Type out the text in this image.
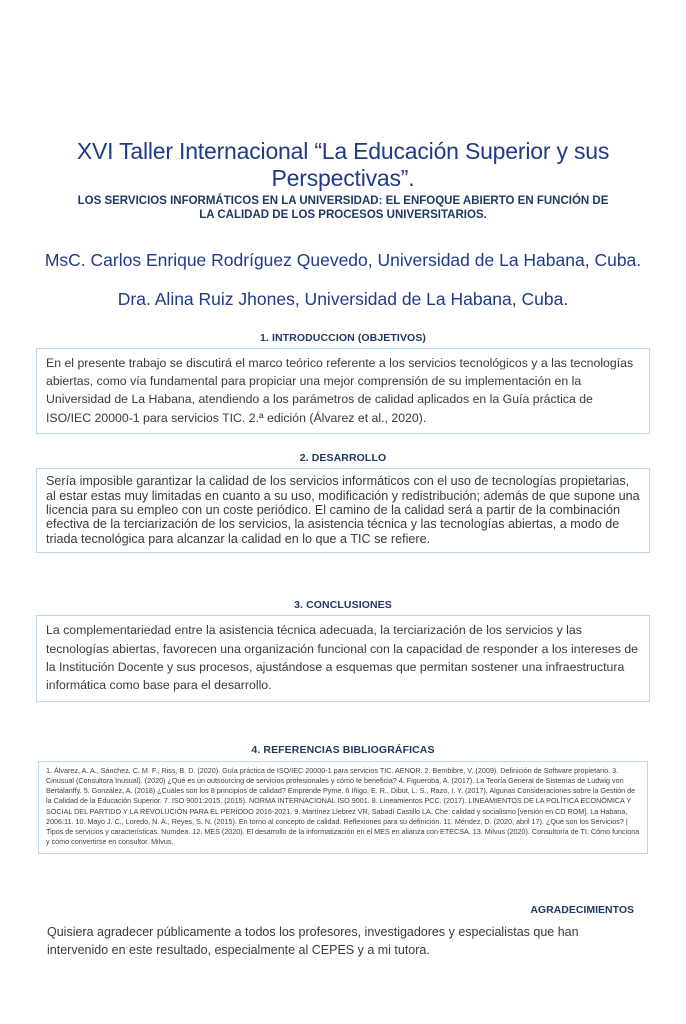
XVI Taller Internacional “La Educación Superior y sus Perspectivas”.
LOS SERVICIOS INFORMÁTICOS EN LA UNIVERSIDAD: EL ENFOQUE ABIERTO EN FUNCIÓN DE LA CALIDAD DE LOS PROCESOS UNIVERSITARIOS.
MsC. Carlos Enrique Rodríguez Quevedo, Universidad de La Habana, Cuba.
Dra. Alina Ruiz Jhones, Universidad de La Habana, Cuba.
1. INTRODUCCION (OBJETIVOS)
En el presente trabajo se discutirá el marco teórico referente a los servicios tecnológicos y a las tecnologías abiertas, como vía fundamental para propiciar una mejor comprensión de su implementación en la Universidad de La Habana, atendiendo a los parámetros de calidad aplicados en la Guía práctica de ISO/IEC 20000-1 para servicios TIC. 2.ª edición (Álvarez et al., 2020).
2. DESARROLLO
Sería imposible garantizar la calidad de los servicios informáticos con el uso de tecnologías propietarias, al estar estas muy limitadas en cuanto a su uso, modificación y redistribución; además de que supone una licencia para su empleo con un coste periódico. El camino de la calidad será a partir de la combinación efectiva de la terciarización de los servicios, la asistencia técnica y las tecnologías abiertas, a modo de triada tecnológica para alcanzar la calidad en lo que a TIC se refiere.
3. CONCLUSIONES
La complementariedad entre la asistencia técnica adecuada, la terciarización de los servicios y las tecnologías abiertas, favorecen una organización funcional con la capacidad de responder a los intereses de la Institución Docente y sus procesos, ajustándose a esquemas que permitan sostener una infraestructura informática como base para el desarrollo.
4. REFERENCIAS BIBLIOGRÁFICAS
1. Álvarez, A. A., Sánchez, C. M. F., Riss, B. D. (2020). Guía práctica de ISO/IEC 20000-1 para servicios TIC. AENOR. 2. Bembibre, V. (2009). Definición de Software propietario. 3. Cinusual (Consultora Inusual). (2020) ¿Qué es un outsourcing de servicios profesionales y cómo te beneficia? 4. Figueroba, A. (2017). La Teoría General de Sistemas de Ludwig von Bertalanffy. 5. González, A. (2018) ¿Cuáles son los 8 principios de calidad? Emprende Pyme. 6 Iñigo, E. R., Dibut, L. S., Razo, I. Y. (2017). Algunas Consideraciones sobre la Gestión de la Calidad de la Educación Superior. 7. ISO 9001:2015. (2015). NORMA INTERNACIONAL ISO 9001. 8. Lineamientos PCC. (2017). LINEAMIENTOS DE LA POLÍTICA ECONÓMICA Y SOCIAL DEL PARTIDO Y LA REVOLUCIÓN PARA EL PERÍODO 2016-2021. 9. Martínez Llebrez VR, Sabadí Castillo LA. Che: calidad y socialismo [versión en CD ROM]. La Habana, 2006:11. 10. Mayo J. C., Loredo, N. A., Reyes, S. N. (2015). En torno al concepto de calidad. Reflexiones para su definición. 11. Méndez, D. (2020, abril 17). ¿Qué son los Servicios? | Tipos de servicios y características. Numdea. 12. MES (2020). El desarrollo de la informatización en el MES en alianza con ETECSA. 13. Milvus (2020). Consultoría de TI: Cómo funciona y cómo convertirse en consultor. Milvus.
AGRADECIMIENTOS
Quisiera agradecer públicamente a todos los profesores, investigadores y especialistas que han intervenido en este resultado, especialmente al CEPES y a mi tutora.
